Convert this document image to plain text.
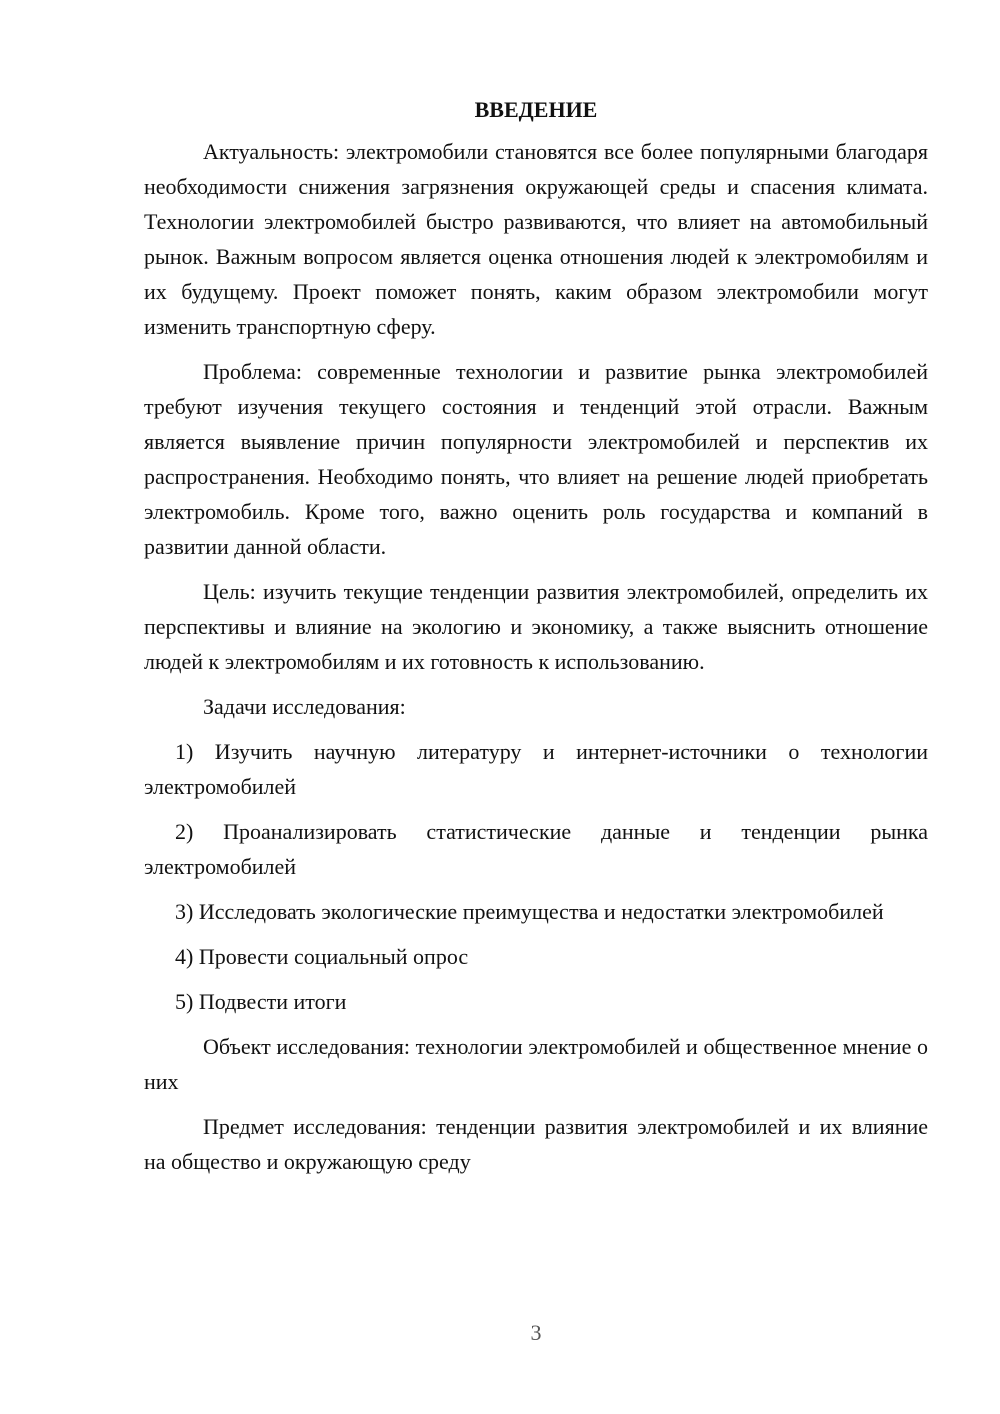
ВВЕДЕНИЕ

Актуальность: электромобили становятся все более популярными благодаря необходимости снижения загрязнения окружающей среды и спасения климата. Технологии электромобилей быстро развиваются, что влияет на автомобильный рынок. Важным вопросом является оценка отношения людей к электромобилям и их будущему. Проект поможет понять, каким образом электромобили могут изменить транспортную сферу.

Проблема: современные технологии и развитие рынка электромобилей требуют изучения текущего состояния и тенденций этой отрасли. Важным является выявление причин популярности электромобилей и перспектив их распространения. Необходимо понять, что влияет на решение людей приобретать электромобиль. Кроме того, важно оценить роль государства и компаний в развитии данной области.

Цель: изучить текущие тенденции развития электромобилей, определить их перспективы и влияние на экологию и экономику, а также выяснить отношение людей к электромобилям и их готовность к использованию.

Задачи исследования:

1) Изучить научную литературу и интернет-источники о технологии электромобилей

2) Проанализировать статистические данные и тенденции рынка электромобилей

3) Исследовать экологические преимущества и недостатки электромобилей

4) Провести социальный опрос

5) Подвести итоги

Объект исследования: технологии электромобилей и общественное мнение о них

Предмет исследования: тенденции развития электромобилей и их влияние на общество и окружающую среду

3
